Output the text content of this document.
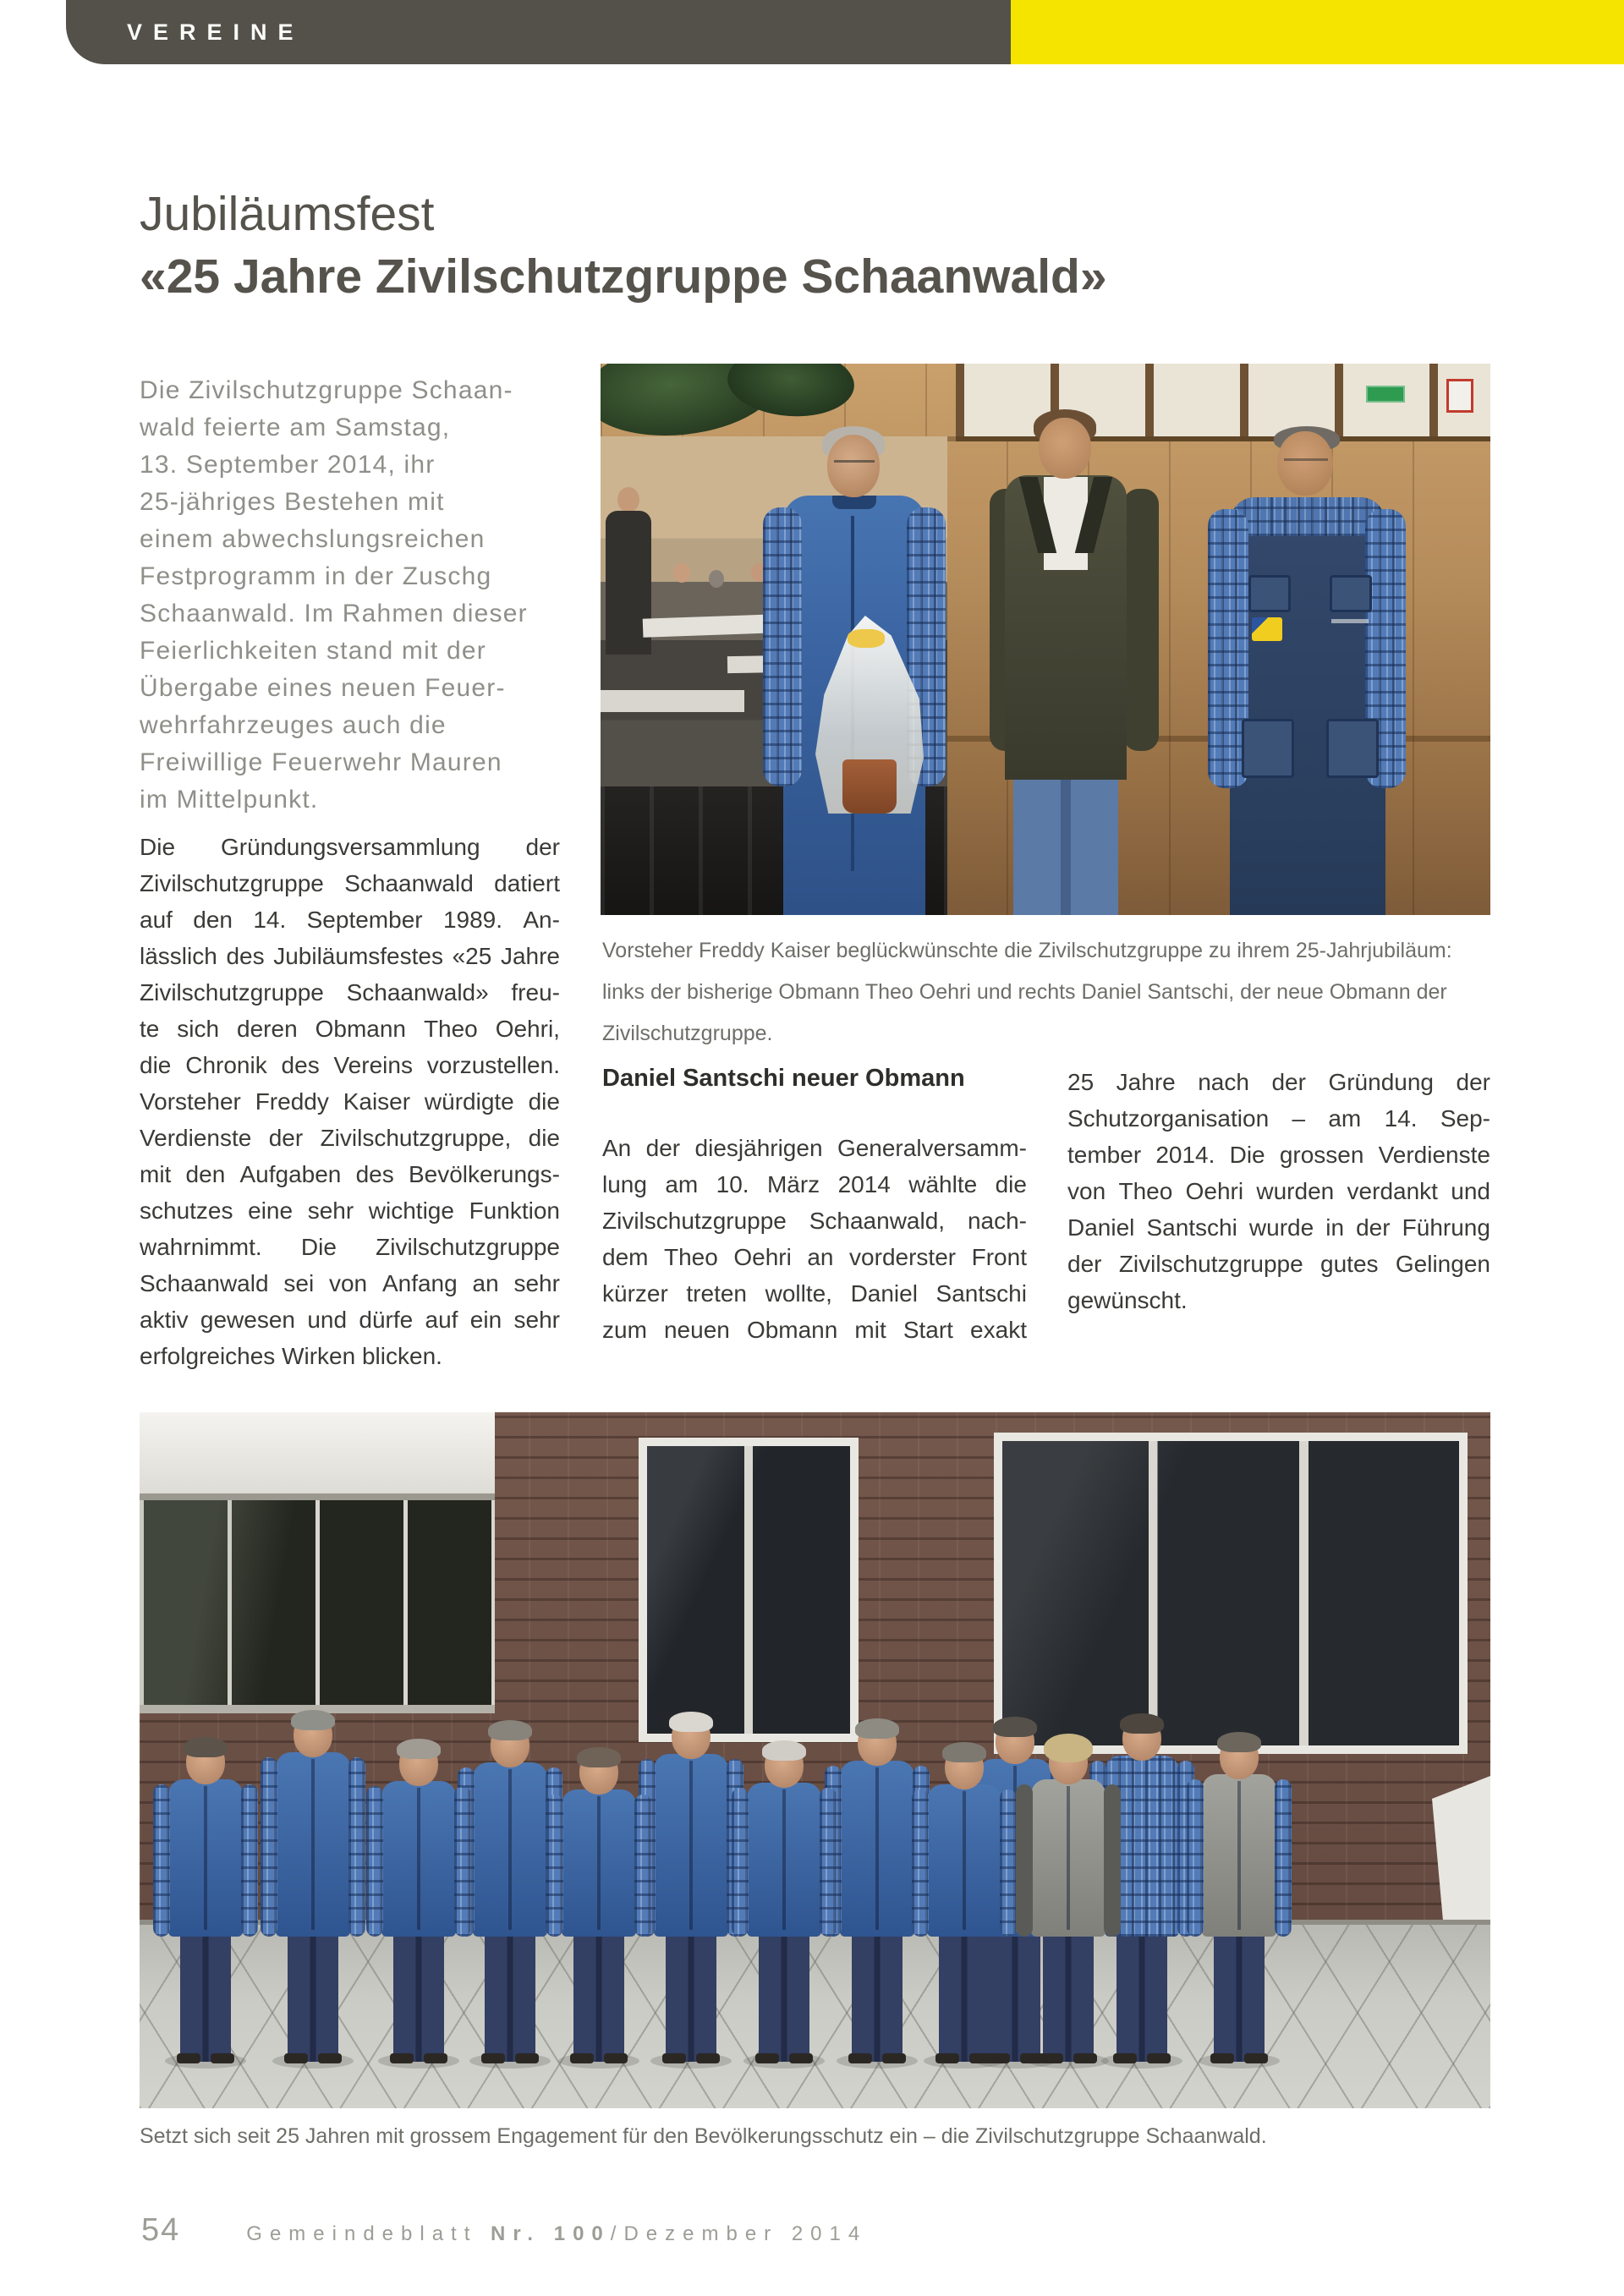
VEREINE
Jubiläumsfest
«25 Jahre Zivilschutzgruppe Schaanwald»
Die Zivilschutzgruppe Schaan-
wald feierte am Samstag,
13. September 2014, ihr
25-jähriges Bestehen mit
einem abwechslungsreichen
Festprogramm in der Zuschg
Schaanwald. Im Rahmen dieser
Feierlichkeiten stand mit der
Übergabe eines neuen Feuer-
wehrfahrzeuges auch die
Freiwillige Feuerwehr Mauren
im Mittelpunkt.
Die Gründungsversammlung der
Zivilschutzgruppe Schaanwald datiert
auf den 14. September 1989. An-
lässlich des Jubiläumsfestes «25 Jahre
Zivilschutzgruppe Schaanwald» freu-
te sich deren Obmann Theo Oehri,
die Chronik des Vereins vorzustellen.
Vorsteher Freddy Kaiser würdigte die
Verdienste der Zivilschutzgruppe, die
mit den Aufgaben des Bevölkerungs-
schutzes eine sehr wichtige Funktion
wahrnimmt. Die Zivilschutzgruppe
Schaanwald sei von Anfang an sehr
aktiv gewesen und dürfe auf ein sehr
erfolgreiches Wirken blicken.
Daniel Santschi neuer Obmann
An der diesjährigen Generalversamm-
lung am 10. März 2014 wählte die
Zivilschutzgruppe Schaanwald, nach-
dem Theo Oehri an vorderster Front
kürzer treten wollte, Daniel Santschi
zum neuen Obmann mit Start exakt
25 Jahre nach der Gründung der
Schutzorganisation – am 14. Sep-
tember 2014. Die grossen Verdienste
von Theo Oehri wurden verdankt und
Daniel Santschi wurde in der Führung
der Zivilschutzgruppe gutes Gelingen
gewünscht.
Vorsteher Freddy Kaiser beglückwünschte die Zivilschutzgruppe zu ihrem 25-Jahrjubiläum:
links der bisherige Obmann Theo Oehri und rechts Daniel Santschi, der neue Obmann der
Zivilschutzgruppe.
Setzt sich seit 25 Jahren mit grossem Engagement für den Bevölkerungsschutz ein – die Zivilschutzgruppe Schaanwald.
54	Gemeindeblatt Nr. 100/Dezember 2014
